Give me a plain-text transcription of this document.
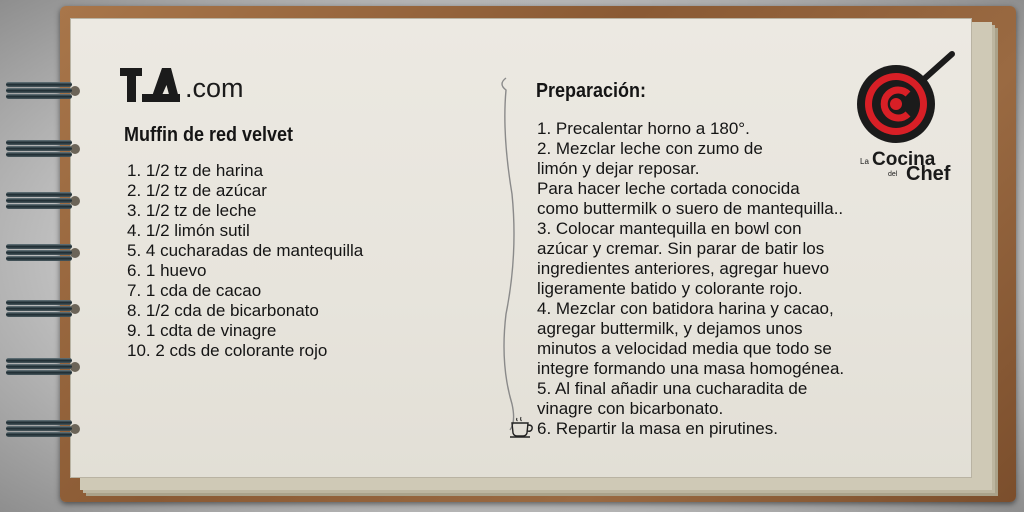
.com
Muffin de red velvet
1. 1/2 tz de harina
2. 1/2 tz de azúcar
3. 1/2 tz de leche
4. 1/2 limón sutil
5. 4 cucharadas de mantequilla
6. 1 huevo
7. 1 cda de cacao
8. 1/2 cda de bicarbonato
9. 1 cdta de vinagre
10. 2 cds de colorante rojo
Preparación:
1. Precalentar horno a 180°.
2. Mezclar leche con zumo de
limón y dejar reposar.
Para hacer leche cortada conocida
como buttermilk o suero de mantequilla..
3. Colocar mantequilla en bowl con
azúcar y cremar. Sin parar de batir los
ingredientes anteriores, agregar huevo
ligeramente batido y colorante rojo.
4. Mezclar con batidora harina y cacao,
agregar buttermilk, y dejamos unos
minutos a velocidad media que todo se
integre formando una masa homogénea.
5. Al final añadir una cucharadita de
vinagre con bicarbonato.
6. Repartir la masa en pirutines.
La Cocina
del Chef
